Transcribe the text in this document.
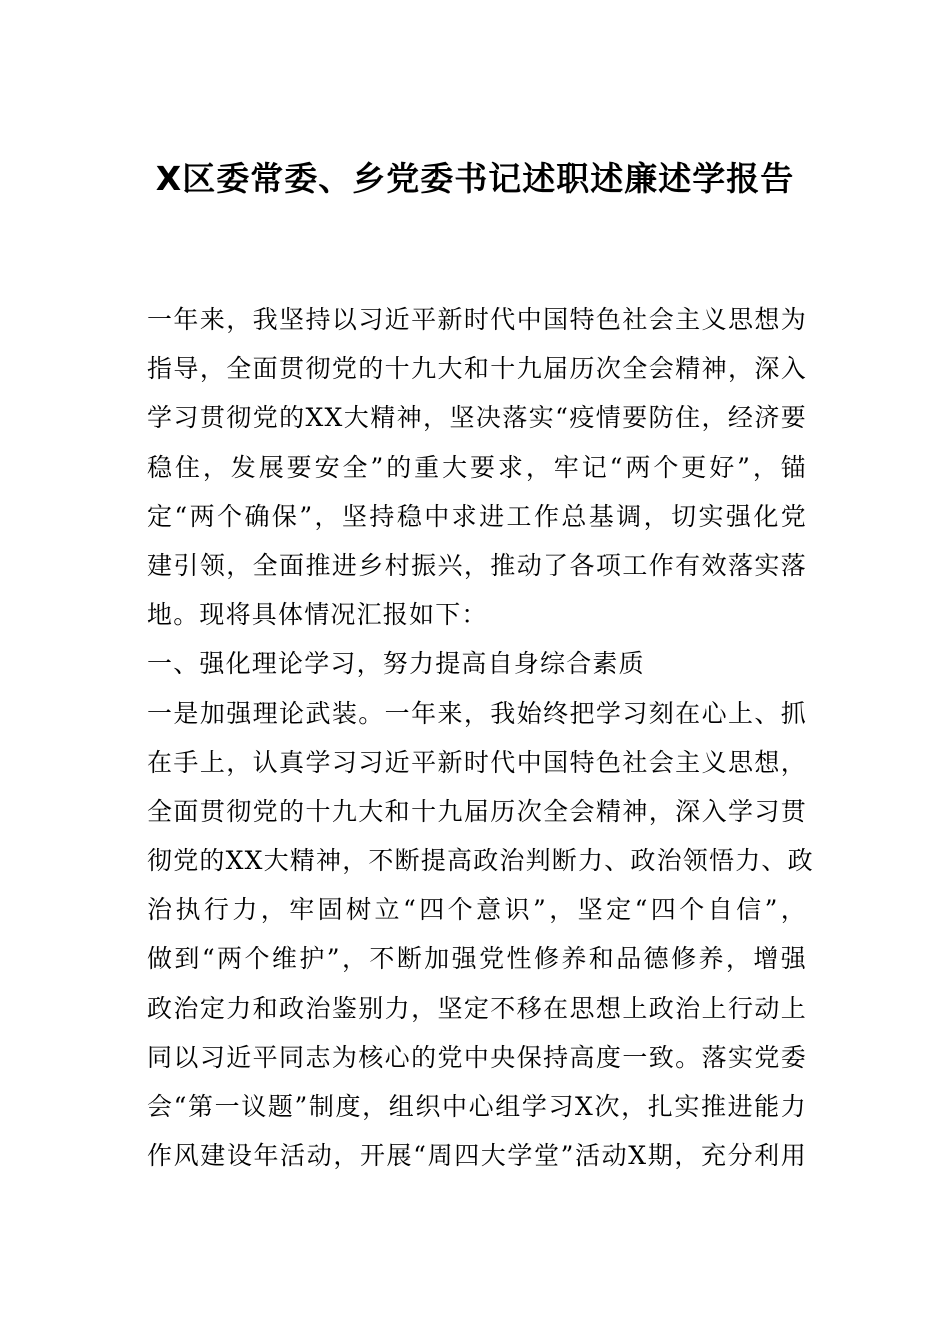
X区委常委、乡党委书记述职述廉述学报告
一年来，我坚持以习近平新时代中国特色社会主义思想为
指导，全面贯彻党的十九大和十九届历次全会精神，深入
学习贯彻党的XX大精神，坚决落实“疫情要防住，经济要
稳住，发展要安全”的重大要求，牢记“两个更好”，锚
定“两个确保”，坚持稳中求进工作总基调，切实强化党
建引领，全面推进乡村振兴，推动了各项工作有效落实落
地。现将具体情况汇报如下：
一、强化理论学习，努力提高自身综合素质
一是加强理论武装。一年来，我始终把学习刻在心上、抓
在手上，认真学习习近平新时代中国特色社会主义思想，
全面贯彻党的十九大和十九届历次全会精神，深入学习贯
彻党的XX大精神，不断提高政治判断力、政治领悟力、政
治执行力，牢固树立“四个意识”，坚定“四个自信”，
做到“两个维护”，不断加强党性修养和品德修养，增强
政治定力和政治鉴别力，坚定不移在思想上政治上行动上
同以习近平同志为核心的党中央保持高度一致。落实党委
会“第一议题”制度，组织中心组学习X次，扎实推进能力
作风建设年活动，开展“周四大学堂”活动X期，充分利用
